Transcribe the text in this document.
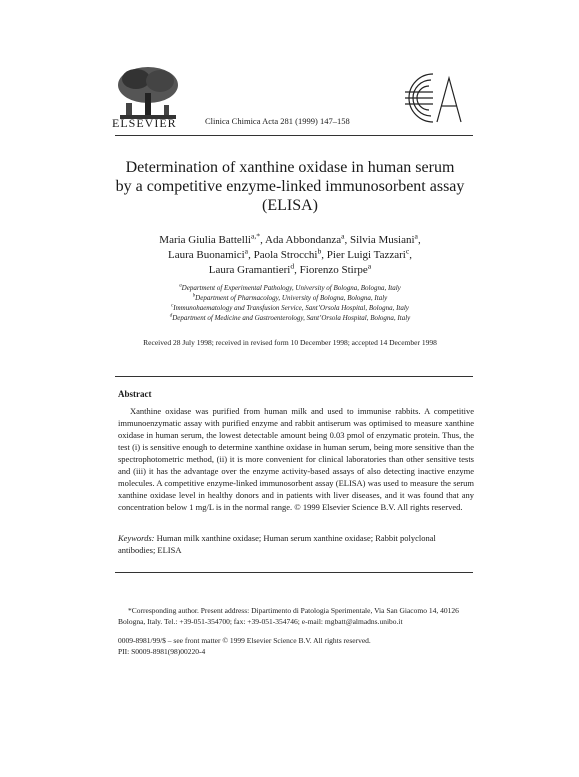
ELSEVIER	Clinica Chimica Acta 281 (1999) 147–158
Determination of xanthine oxidase in human serum
by a competitive enzyme-linked immunosorbent assay
(ELISA)
Maria Giulia Battelli$^{a,*}$, Ada Abbondanza$^a$, Silvia Musiani$^a$,
Laura Buonamici$^a$, Paola Strocchi$^b$, Pier Luigi Tazzari$^c$,
Laura Gramantieri$^d$, Fiorenzo Stirpe$^a$
$^a$Department of Experimental Pathology, University of Bologna, Bologna, Italy
$^b$Department of Pharmacology, University of Bologna, Bologna, Italy
$^c$Immunohaematology and Transfusion Service, Sant’Orsola Hospital, Bologna, Italy
$^d$Department of Medicine and Gastroenterology, Sant’Orsola Hospital, Bologna, Italy
Received 28 July 1998; received in revised form 10 December 1998; accepted 14 December 1998
Abstract
Xanthine oxidase was purified from human milk and used to immunise rabbits. A competitive immunoenzymatic assay with purified enzyme and rabbit antiserum was optimised to measure xanthine oxidase in human serum, the lowest detectable amount being 0.03 pmol of enzymatic protein. Thus, the test (i) is sensitive enough to determine xanthine oxidase in human serum, being more sensitive than the spectrophotometric method, (ii) it is more convenient for clinical laboratories than other sensitive tests and (iii) it has the advantage over the enzyme activity-based assays of also detecting inactive enzyme molecules. A competitive enzyme-linked immunosorbent assay (ELISA) was used to measure the serum xanthine oxidase level in healthy donors and in patients with liver diseases, and it was found that any concentration below 1 mg/L is in the normal range. © 1999 Elsevier Science B.V. All rights reserved.
Keywords: Human milk xanthine oxidase; Human serum xanthine oxidase; Rabbit polyclonal antibodies; ELISA
*Corresponding author. Present address: Dipartimento di Patologia Sperimentale, Via San Giacomo 14, 40126 Bologna, Italy. Tel.: +39-051-354700; fax: +39-051-354746; e-mail: mgbatt@almadns.unibo.it
0009-8981/99/$ – see front matter © 1999 Elsevier Science B.V. All rights reserved.
PII: S0009-8981(98)00220-4
